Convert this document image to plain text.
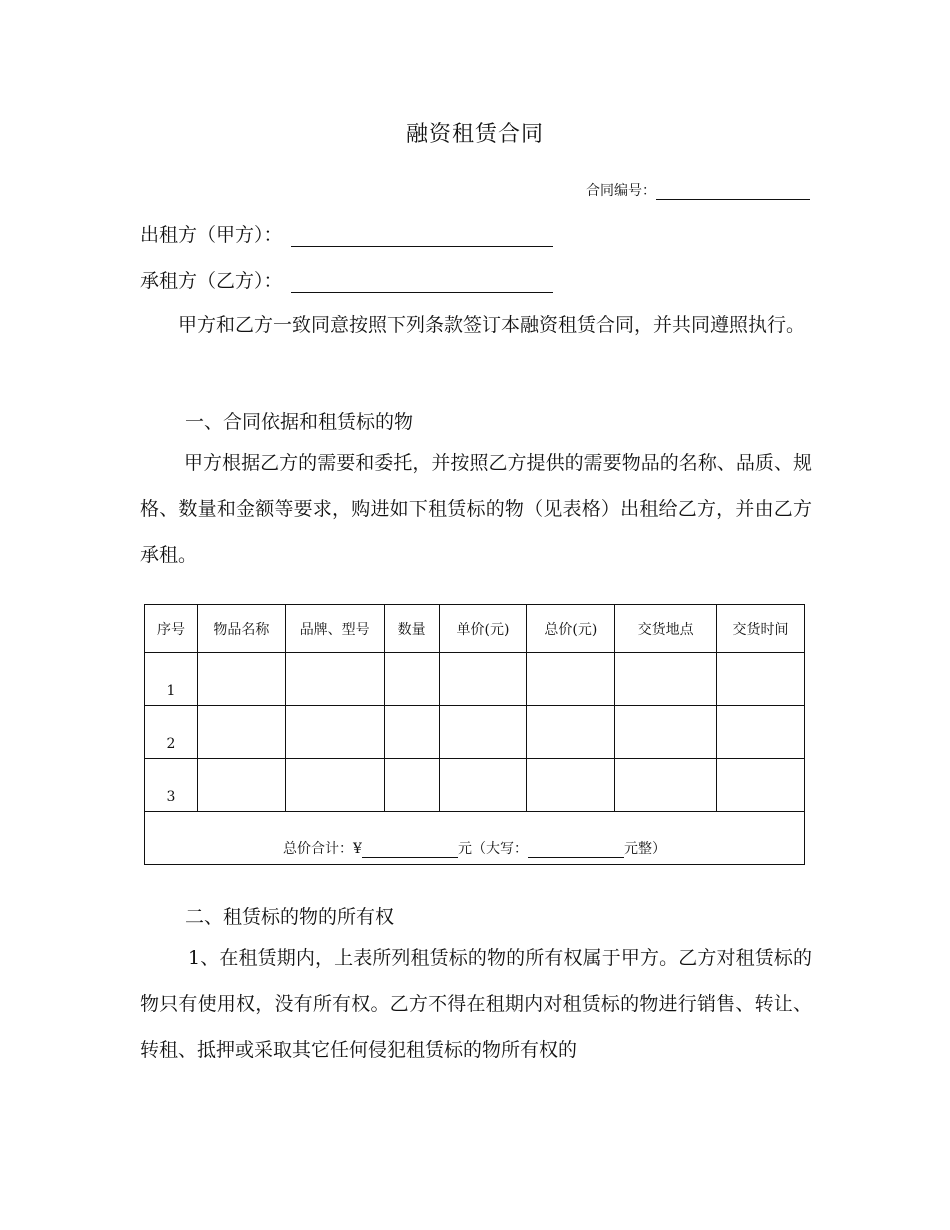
融资租赁合同
合同编号：
出租方（甲方）：
承租方（乙方）：
甲方和乙方一致同意按照下列条款签订本融资租赁合同，并共同遵照执行。
一、合同依据和租赁标的物
甲方根据乙方的需要和委托，并按照乙方提供的需要物品的名称、品质、规格、数量和金额等要求，购进如下租赁标的物（见表格）出租给乙方，并由乙方承租。
序号	物品名称	品牌、型号	数量	单价(元)	总价(元)	交货地点	交货时间
1							
2							
3							

总价合计：¥ 元（大写： 元整）							
二、租赁标的物的所有权
1、在租赁期内，上表所列租赁标的物的所有权属于甲方。乙方对租赁标的物只有使用权，没有所有权。乙方不得在租期内对租赁标的物进行销售、转让、转租、抵押或采取其它任何侵犯租赁标的物所有权的
